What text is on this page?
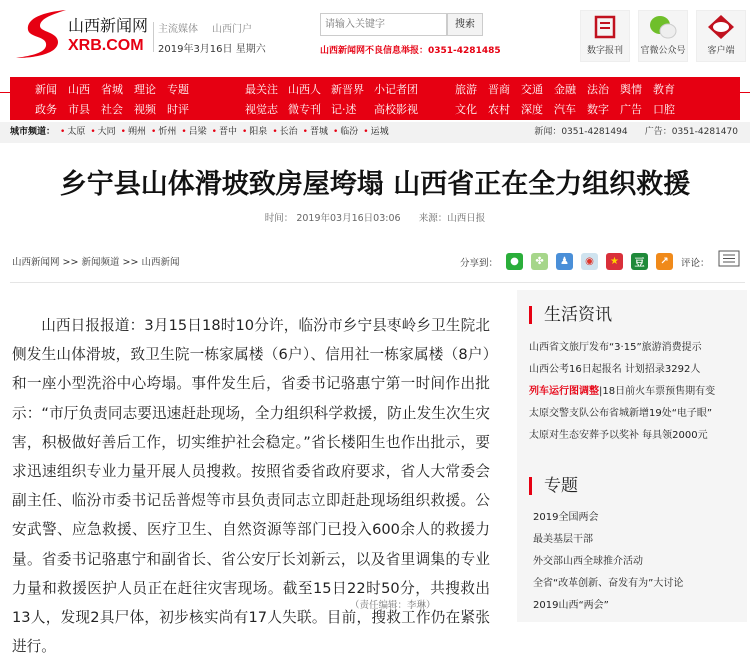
山西新闻网
XRB.COM
主流媒体 山西门户
2019年3月16日 星期六
请输入关键字
搜索
山西新闻网不良信息举报：0351-4281485	数字报刊	官微公众号	客户端
新闻 山西 省城 理论 专题
政务 市县 社会 视频 时评
最关注 山西人 新晋界 小记者团
视觉志 微专刊 记·述	高校影视
旅游 晋商 交通 金融 法治 舆情 教育
文化 农村 深度 汽车 数字 广告 口腔
城市频道： • 太原 • 大同 • 朔州 • 忻州 • 吕梁 • 晋中 • 阳泉 • 长治 • 晋城 • 临汾 • 运城	新闻：0351-4281494 广告：0351-4281470
乡宁县山体滑坡致房屋垮塌 山西省正在全力组织救援
时间： 2019年03月16日03:06 来源：山西日报
山西新闻网 >> 新闻频道 >> 山西新闻	分享到：	●	✤	♟	◉	★	豆	↗	评论：
山西日报报道：3月15日18时10分许，临汾市乡宁县枣岭乡卫生院北侧发生山体滑坡，致卫生院一栋家属楼（6户）、信用社一栋家属楼（8户）和一座小型洗浴中心垮塌。事件发生后，省委书记骆惠宁第一时间作出批示：“市厅负责同志要迅速赶赴现场，全力组织科学救援，防止发生次生灾害，积极做好善后工作，切实维护社会稳定。”省长楼阳生也作出批示，要求迅速组织专业力量开展人员搜救。按照省委省政府要求，省人大常委会副主任、临汾市委书记岳普煜等市县负责同志立即赶赴现场组织救援。公安武警、应急救援、医疗卫生、自然资源等部门已投入600余人的救援力量。省委书记骆惠宁和副省长、省公安厅长刘新云，以及省里调集的专业力量和救援医护人员正在赶往灾害现场。截至15日22时50分，共搜救出13人，发现2具尸体，初步核实尚有17人失联。目前，搜救工作仍在紧张进行。
（责任编辑：李琳）
生活资讯
山西省文旅厅发布“3·15”旅游消费提示
山西公考16日起报名 计划招录3292人
列车运行图调整|18日前火车票预售期有变
太原交警支队公布省城新增19处“电子眼”
太原对生态安葬予以奖补 每具领2000元
专题
2019全国两会
最美基层干部
外交部山西全球推介活动
全省“改革创新、奋发有为”大讨论
2019山西“两会”
